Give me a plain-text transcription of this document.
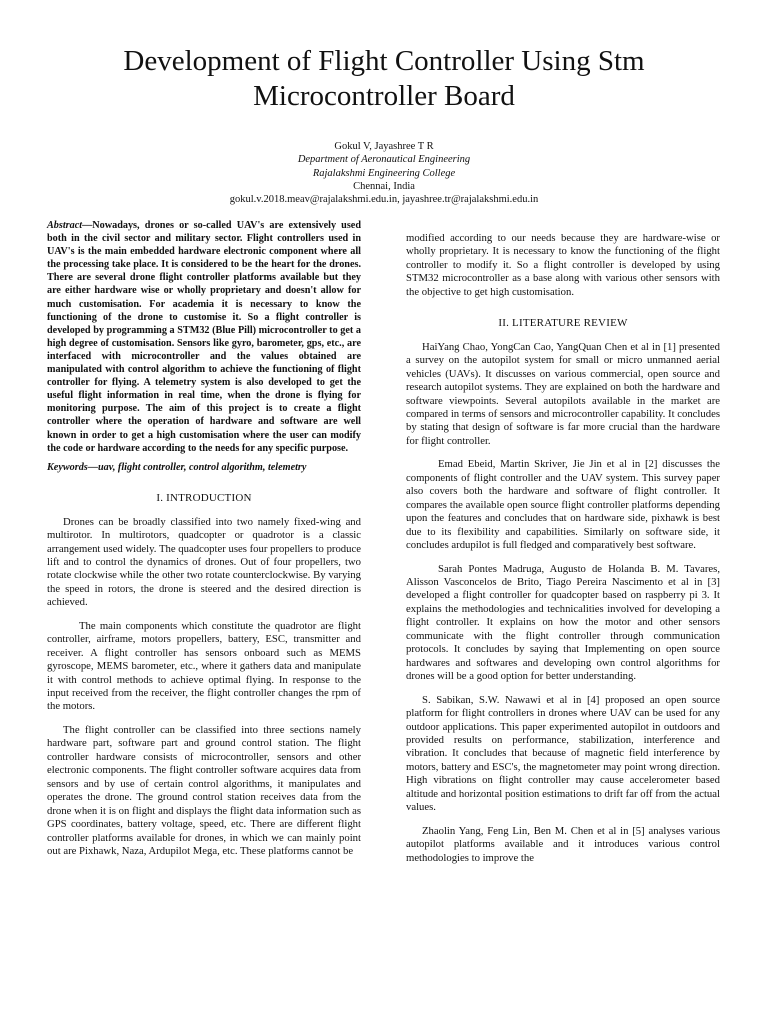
Development of Flight Controller Using Stm Microcontroller Board
Gokul V, Jayashree T R
Department of Aeronautical Engineering
Rajalakshmi Engineering College
Chennai, India
gokul.v.2018.meav@rajalakshmi.edu.in, jayashree.tr@rajalakshmi.edu.in

Abstract—Nowadays, drones or so-called UAV's are extensively used both in the civil sector and military sector. Flight controllers used in UAV's is the main embedded hardware electronic component where all the processing take place. It is considered to be the heart for the drones. There are several drone flight controller platforms available but they are either hardware wise or wholly proprietary and doesn't allow for much customisation. For academia it is necessary to know the functioning of the drone to customise it. So a flight controller is developed by programming a STM32 (Blue Pill) microcontroller to get a high degree of customisation. Sensors like gyro, barometer, gps, etc., are interfaced with microcontroller and the values obtained are manipulated with control algorithm to achieve the functioning of flight controller for flying. A telemetry system is also developed to get the useful flight information in real time, when the drone is flying for monitoring purpose. The aim of this project is to create a flight controller where the operation of hardware and software are well known in order to get a high customisation where the user can modify the code or hardware according to the needs for any specific purpose.

Keywords—uav, flight controller, control algorithm, telemetry

I. INTRODUCTION

Drones can be broadly classified into two namely fixed-wing and multirotor. In multirotors, quadcopter or quadrotor is a classic arrangement used widely. The quadcopter uses four propellers to produce lift and to control the dynamics of drones. Out of four propellers, two rotate clockwise while the other two rotate counterclockwise. By varying the speed in rotors, the drone is steered and the desired direction is achieved.

The main components which constitute the quadrotor are flight controller, airframe, motors propellers, battery, ESC, transmitter and receiver. A flight controller has sensors onboard such as MEMS gyroscope, MEMS barometer, etc., where it gathers data and manipulate it with control methods to achieve optimal flying. In response to the input received from the receiver, the flight controller changes the rpm of the motors.

The flight controller can be classified into three sections namely hardware part, software part and ground control station. The flight controller hardware consists of microcontroller, sensors and other electronic components. The flight controller software acquires data from sensors and by use of certain control algorithms, it manipulates and operates the drone. The ground control station receives data from the drone when it is on flight and displays the flight data information such as GPS coordinates, battery voltage, speed, etc. There are different flight controller platforms available for drones, in which we can mainly point out are Pixhawk, Naza, Ardupilot Mega, etc. These platforms cannot be

modified according to our needs because they are hardware-wise or wholly proprietary. It is necessary to know the functioning of the flight controller to modify it. So a flight controller is developed by using STM32 microcontroller as a base along with various other sensors with the objective to get high customisation.

II. LITERATURE REVIEW

HaiYang Chao, YongCan Cao, YangQuan Chen et al in [1] presented a survey on the autopilot system for small or micro unmanned aerial vehicles (UAVs). It discusses on various commercial, open source and research autopilot systems. They are explained on both the hardware and software viewpoints. Several autopilots available in the market are compared in terms of sensors and microcontroller capability. It concludes by stating that design of software is far more crucial than the hardware for flight controller.

Emad Ebeid, Martin Skriver, Jie Jin et al in [2] discusses the components of flight controller and the UAV system. This survey paper also covers both the hardware and software of flight controller. It compares the available open source flight controller platforms depending upon the features and concludes that on hardware side, pixhawk is best due to its flexibility and capabilities. Similarly on software side, it concludes ardupilot is full fledged and comparatively best software.

Sarah Pontes Madruga, Augusto de Holanda B. M. Tavares, Alisson Vasconcelos de Brito, Tiago Pereira Nascimento et al in [3] developed a flight controller for quadcopter based on raspberry pi 3. It explains the methodologies and technicalities involved for developing a flight controller. It explains on how the motor and other sensors communicate with the flight controller through communication protocols. It concludes by saying that Implementing on open source hardwares and softwares and developing own control algorithms for drones will be a good option for better understanding.

S. Sabikan, S.W. Nawawi et al in [4] proposed an open source platform for flight controllers in drones where UAV can be used for any outdoor applications. This paper experimented autopilot in outdoors and provided results on performance, stabilization, interference and vibration. It concludes that because of magnetic field interference by motors, battery and ESC's, the magnetometer may point wrong direction. High vibrations on flight controller may cause accelerometer based altitude and horizontal position estimations to drift far off from the actual values.

Zhaolin Yang, Feng Lin, Ben M. Chen et al in [5] analyses various autopilot platforms available and it introduces various control methodologies to improve the
